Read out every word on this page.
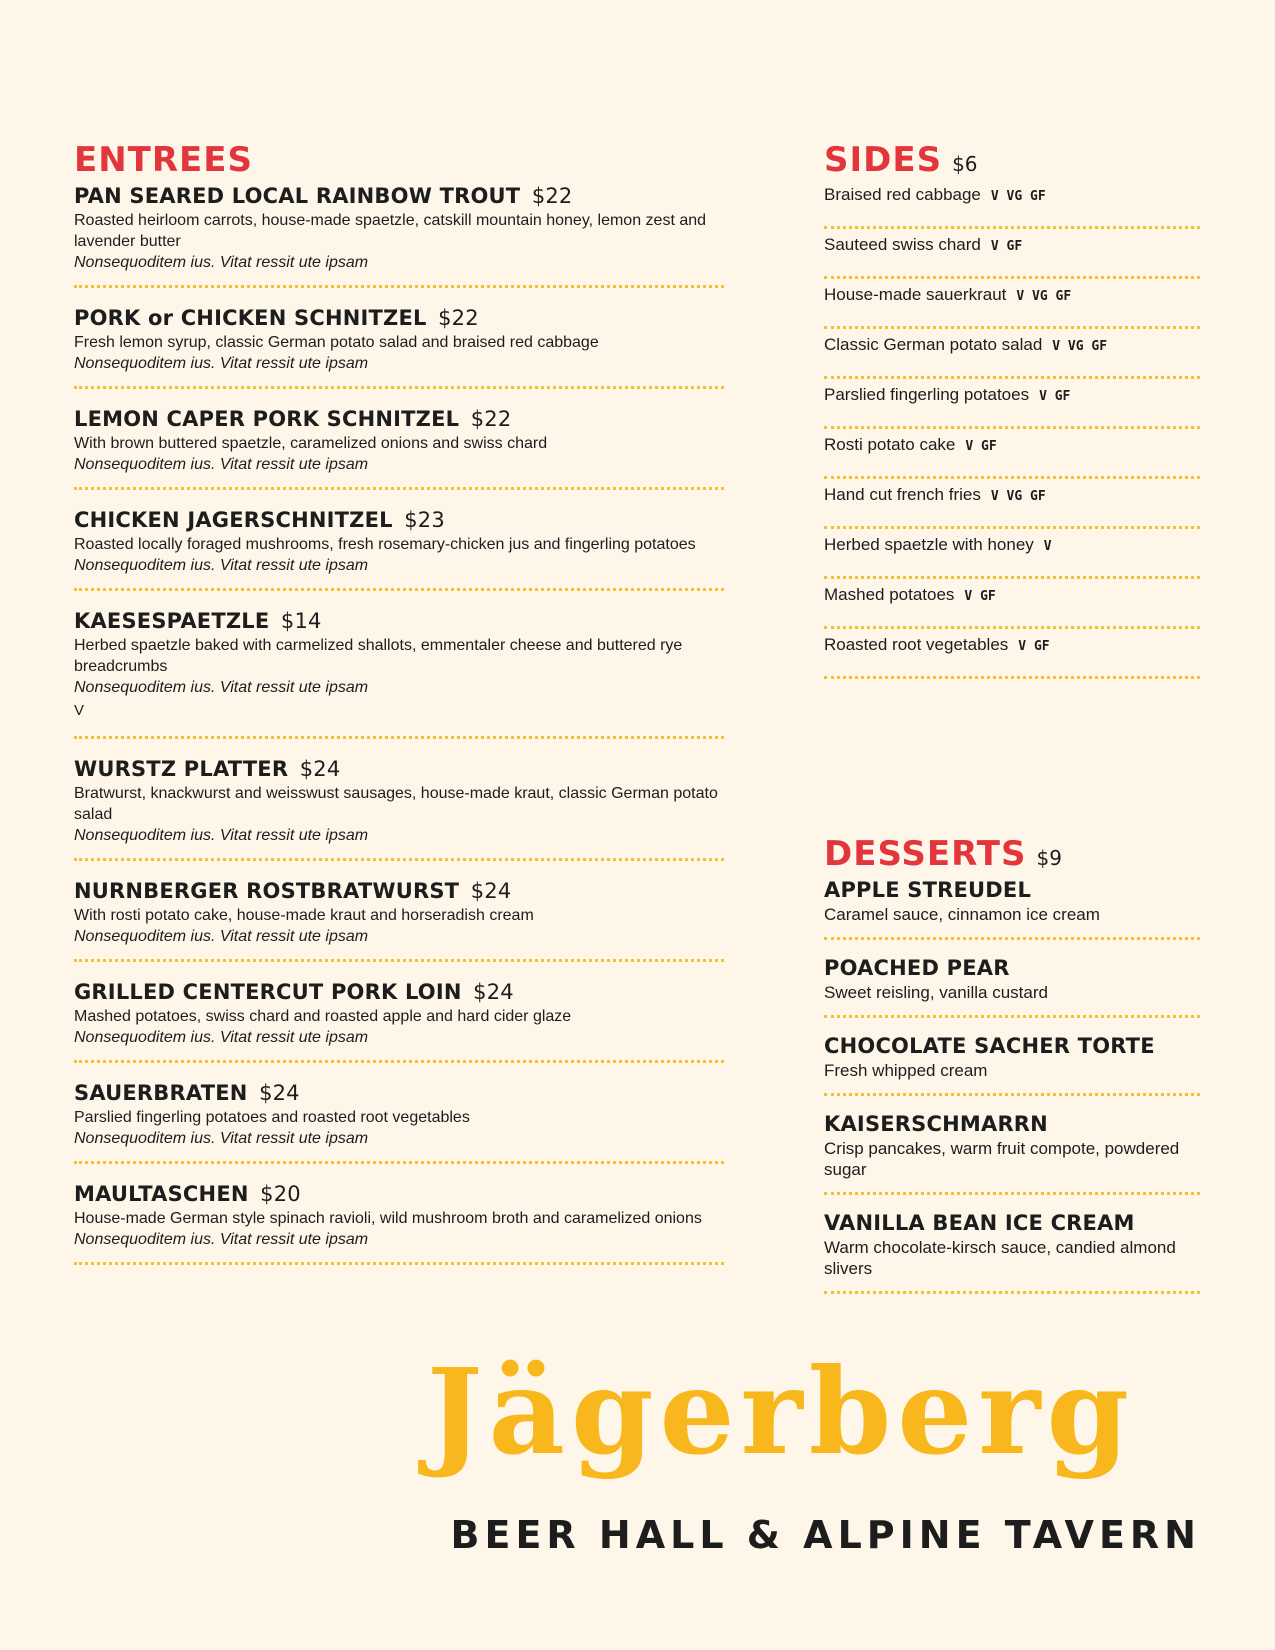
ENTREES
PAN SEARED LOCAL RAINBOW TROUT $22
Roasted heirloom carrots, house-made spaetzle, catskill mountain honey, lemon zest and lavender butter
Nonsequoditem ius. Vitat ressit ute ipsam
PORK or CHICKEN SCHNITZEL $22
Fresh lemon syrup, classic German potato salad and braised red cabbage
Nonsequoditem ius. Vitat ressit ute ipsam
LEMON CAPER PORK SCHNITZEL $22
With brown buttered spaetzle, caramelized onions and swiss chard
Nonsequoditem ius. Vitat ressit ute ipsam
CHICKEN JAGERSCHNITZEL $23
Roasted locally foraged mushrooms, fresh rosemary-chicken jus and fingerling potatoes
Nonsequoditem ius. Vitat ressit ute ipsam
KAESESPAETZLE $14
Herbed spaetzle baked with carmelized shallots, emmentaler cheese and buttered rye breadcrumbs
Nonsequoditem ius. Vitat ressit ute ipsam
V
WURSTZ PLATTER $24
Bratwurst, knackwurst and weisswust sausages, house-made kraut, classic German potato salad
Nonsequoditem ius. Vitat ressit ute ipsam
NURNBERGER ROSTBRATWURST $24
With rosti potato cake, house-made kraut and horseradish cream
Nonsequoditem ius. Vitat ressit ute ipsam
GRILLED CENTERCUT PORK LOIN $24
Mashed potatoes, swiss chard and roasted apple and hard cider glaze
Nonsequoditem ius. Vitat ressit ute ipsam
SAUERBRATEN $24
Parslied fingerling potatoes and roasted root vegetables
Nonsequoditem ius. Vitat ressit ute ipsam
MAULTASCHEN $20
House-made German style spinach ravioli, wild mushroom broth and caramelized onions
Nonsequoditem ius. Vitat ressit ute ipsam
SIDES $6
Braised red cabbage V VG GF
Sauteed swiss chard V GF
House-made sauerkraut V VG GF
Classic German potato salad V VG GF
Parslied fingerling potatoes V GF
Rosti potato cake V GF
Hand cut french fries V VG GF
Herbed spaetzle with honey V
Mashed potatoes V GF
Roasted root vegetables V GF
DESSERTS $9
APPLE STREUDEL
Caramel sauce, cinnamon ice cream
POACHED PEAR
Sweet reisling, vanilla custard
CHOCOLATE SACHER TORTE
Fresh whipped cream
KAISERSCHMARRN
Crisp pancakes, warm fruit compote, powdered sugar
VANILLA BEAN ICE CREAM
Warm chocolate-kirsch sauce, candied almond slivers
Jägerberg
BEER HALL & ALPINE TAVERN
